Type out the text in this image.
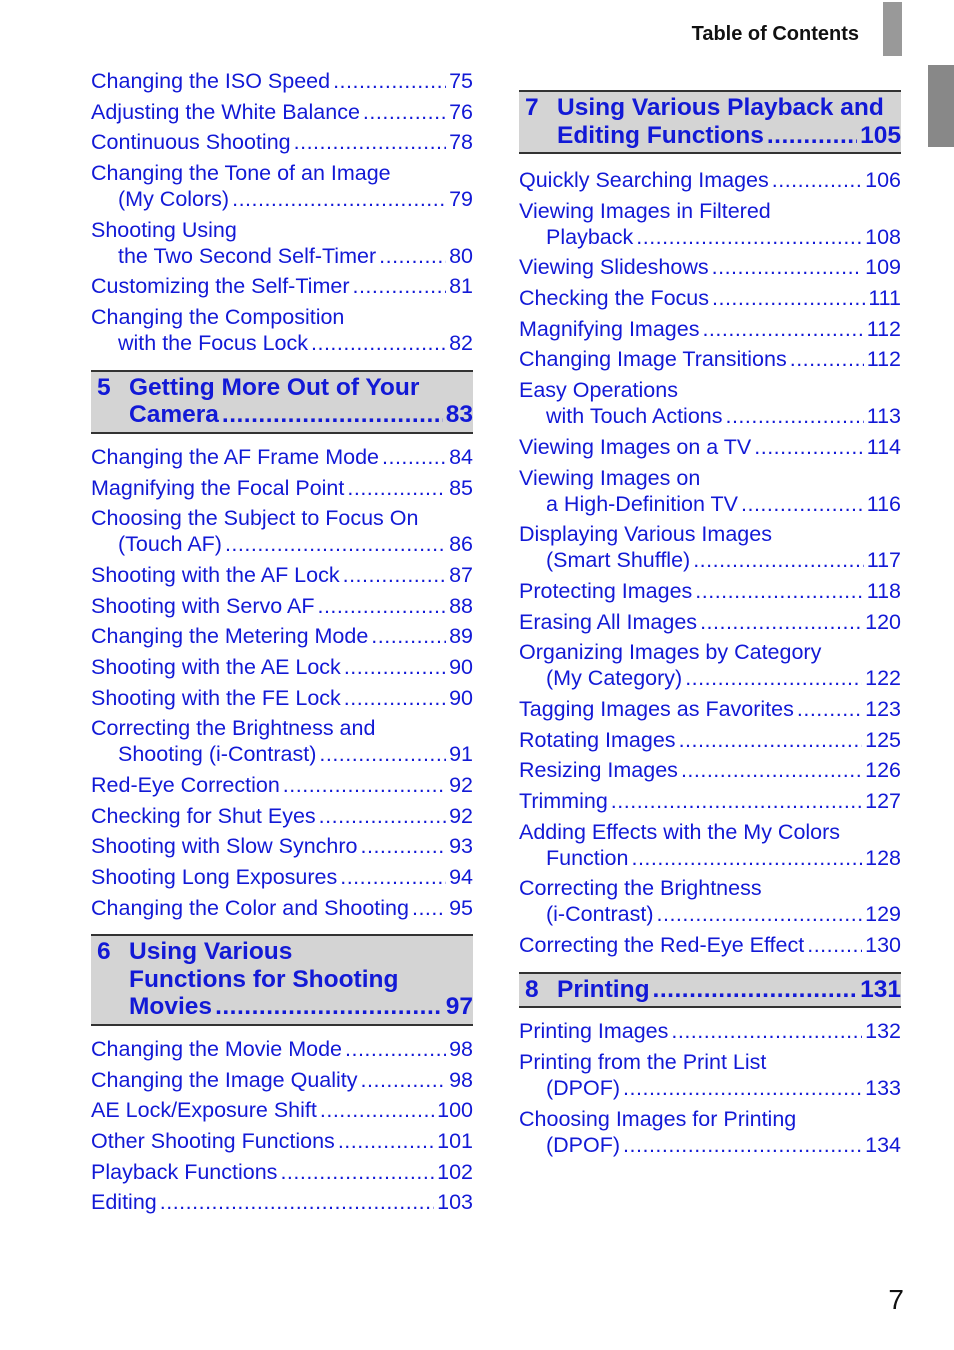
Table of Contents
Changing the ISO Speed .....	75
Adjusting the White Balance .....	76
Continuous Shooting .....	78
Changing the Tone of an Image
(My Colors) .....	79
Shooting Using
the Two Second Self-Timer .....	80
Customizing the Self-Timer .....	81
Changing the Composition
with the Focus Lock .....	82
5 Getting More Out of Your
Camera .....	83
Changing the AF Frame Mode .....	84
Magnifying the Focal Point .....	85
Choosing the Subject to Focus On
(Touch AF) .....	86
Shooting with the AF Lock .....	87
Shooting with Servo AF .....	88
Changing the Metering Mode .....	89
Shooting with the AE Lock .....	90
Shooting with the FE Lock .....	90
Correcting the Brightness and
Shooting (i-Contrast) .....	91
Red-Eye Correction .....	92
Checking for Shut Eyes .....	92
Shooting with Slow Synchro .....	93
Shooting Long Exposures .....	94
Changing the Color and Shooting ..... 95
6 Using Various
Functions for Shooting
Movies .....	97
Changing the Movie Mode .....	98
Changing the Image Quality .....	98
AE Lock/Exposure Shift .....	100
Other Shooting Functions .....	101
Playback Functions .....	102
Editing .....	103
Quickly Searching Images .....	106
Viewing Images in Filtered
Playback .....	108
Viewing Slideshows .....	109
Checking the Focus .....	111
Magnifying Images .....	112
Changing Image Transitions .....	112
Easy Operations
with Touch Actions .....	113
Viewing Images on a TV .....	114
Viewing Images on
a High-Definition TV .....	116
Displaying Various Images
(Smart Shuffle) .....	117
Protecting Images .....	118
Erasing All Images .....	120
Organizing Images by Category
(My Category) .....	122
Tagging Images as Favorites .....	123
Rotating Images .....	125
Resizing Images .....	126
Trimming .....	127
Adding Effects with the My Colors
Function .....	128
Correcting the Brightness
(i-Contrast) .....	129
Correcting the Red-Eye Effect .....	130
8 Printing .....	131
Printing Images .....	132
Printing from the Print List
(DPOF) .....	133
Choosing Images for Printing
(DPOF) .....	134
7 Using Various Playback and
Editing Functions .....	105
7
